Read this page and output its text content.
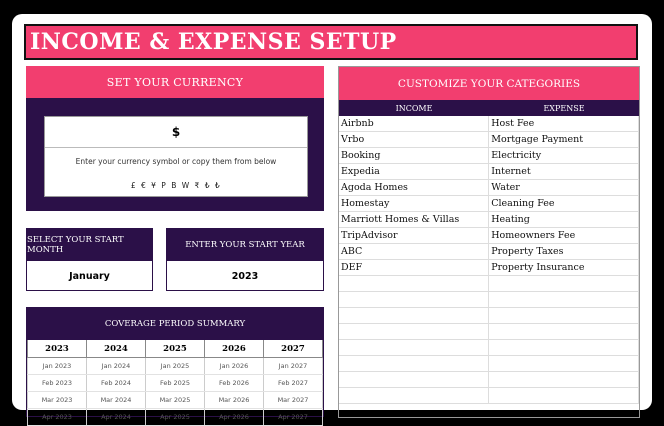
INCOME & EXPENSE SETUP
SET YOUR CURRENCY
$
Enter your currency symbol or copy them from below
£ € ¥ P B W ₹ ₺ ₺
SELECT YOUR START MONTH
January
ENTER YOUR START YEAR
2023
COVERAGE PERIOD SUMMARY
2023	2024	2025	2026	2027
Jan 2023	Jan 2024	Jan 2025	Jan 2026	Jan 2027
Feb 2023	Feb 2024	Feb 2025	Feb 2026	Feb 2027
Mar 2023	Mar 2024	Mar 2025	Mar 2026	Mar 2027
Apr 2023	Apr 2024	Apr 2025	Apr 2026	Apr 2027
CUSTOMIZE YOUR CATEGORIES
INCOME	EXPENSE
Airbnb	Host Fee
Vrbo	Mortgage Payment
Booking	Electricity
Expedia	Internet
Agoda Homes	Water
Homestay	Cleaning Fee
Marriott Homes & Villas	Heating
TripAdvisor	Homeowners Fee
ABC	Property Taxes
DEF	Property Insurance
